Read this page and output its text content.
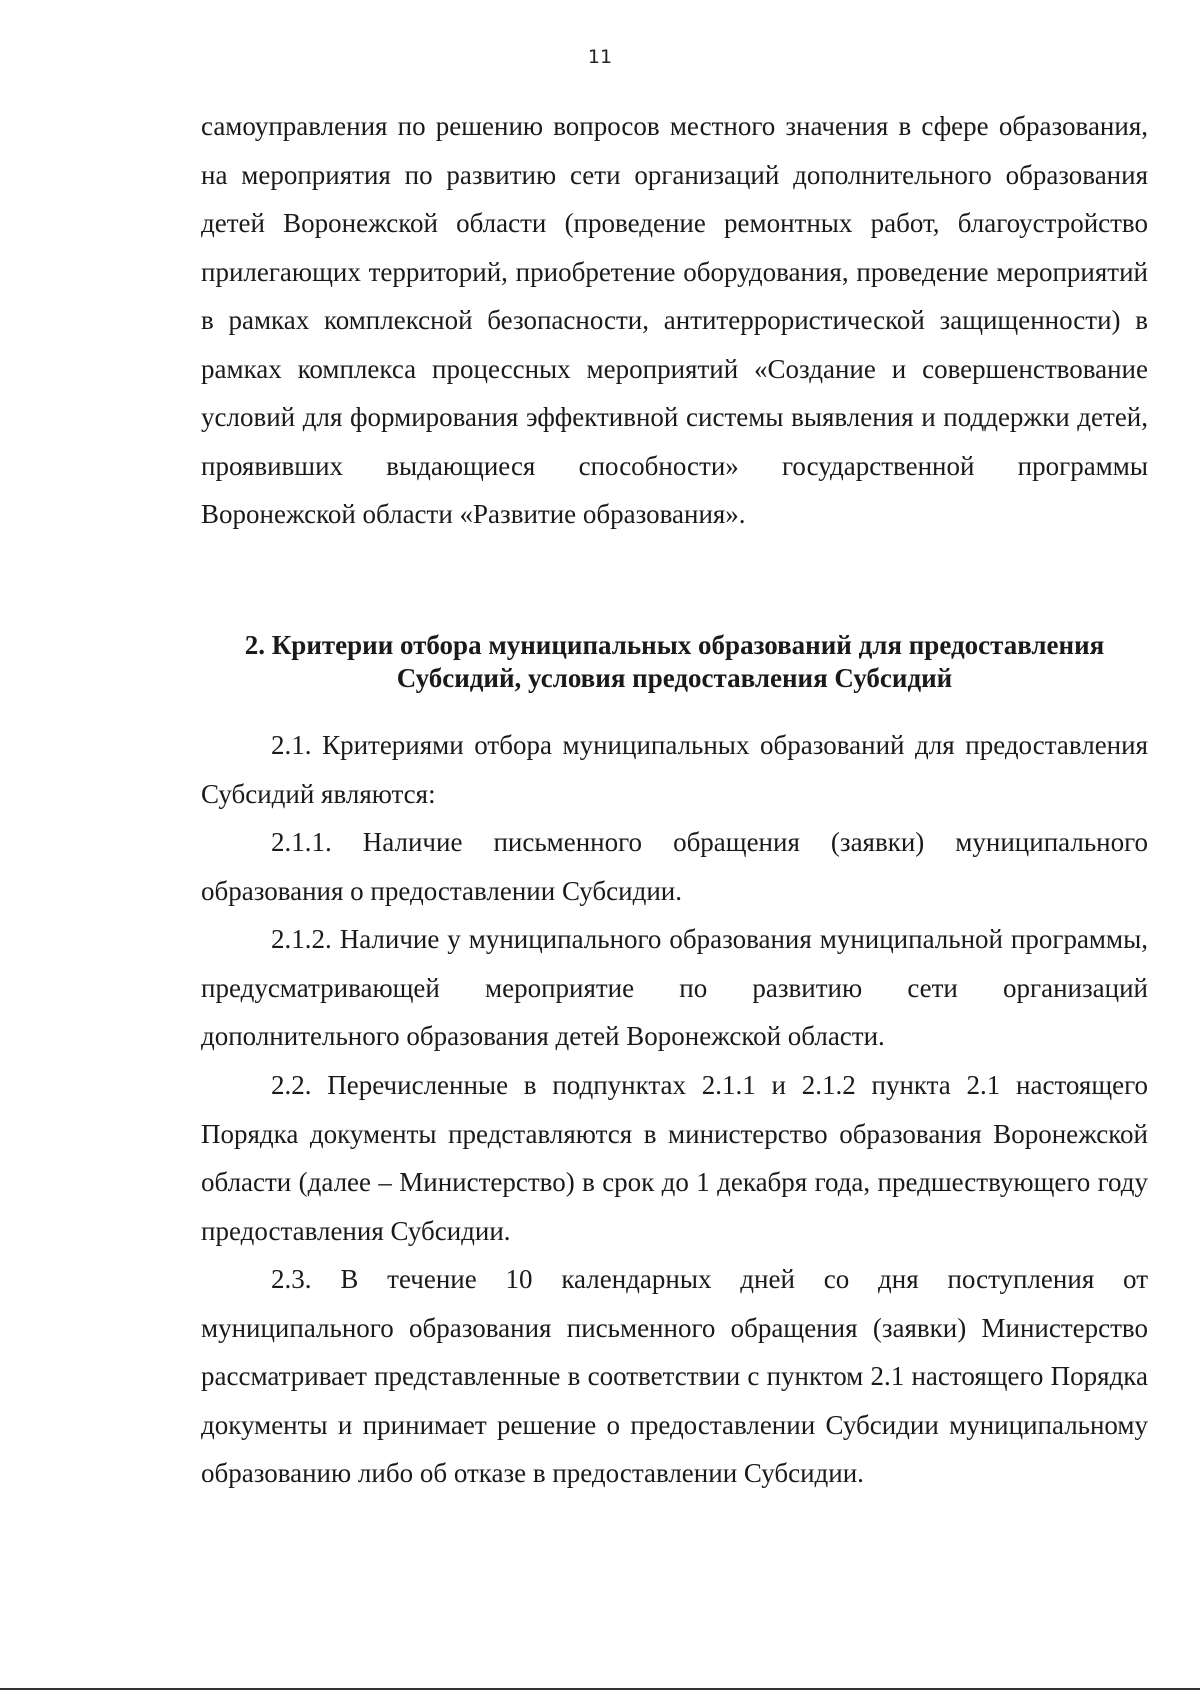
11

самоуправления по решению вопросов местного значения в сфере образования, на мероприятия по развитию сети организаций дополнительного образования детей Воронежской области (проведение ремонтных работ, благоустройство прилегающих территорий, приобретение оборудования, проведение мероприятий в рамках комплексной безопасности, антитеррористической защищенности) в рамках комплекса процессных мероприятий «Создание и совершенствование условий для формирования эффективной системы выявления и поддержки детей, проявивших выдающиеся способности» государственной программы Воронежской области «Развитие образования».

2. Критерии отбора муниципальных образований для предоставления
Субсидий, условия предоставления Субсидий

2.1. Критериями отбора муниципальных образований для предоставления Субсидий являются:

2.1.1. Наличие письменного обращения (заявки) муниципального образования о предоставлении Субсидии.

2.1.2. Наличие у муниципального образования муниципальной программы, предусматривающей мероприятие по развитию сети организаций дополнительного образования детей Воронежской области.

2.2. Перечисленные в подпунктах 2.1.1 и 2.1.2 пункта 2.1 настоящего Порядка документы представляются в министерство образования Воронежской области (далее – Министерство) в срок до 1 декабря года, предшествующего году предоставления Субсидии.

2.3. В течение 10 календарных дней со дня поступления от муниципального образования письменного обращения (заявки) Министерство рассматривает представленные в соответствии с пунктом 2.1 настоящего Порядка документы и принимает решение о предоставлении Субсидии муниципальному образованию либо об отказе в предоставлении Субсидии.
